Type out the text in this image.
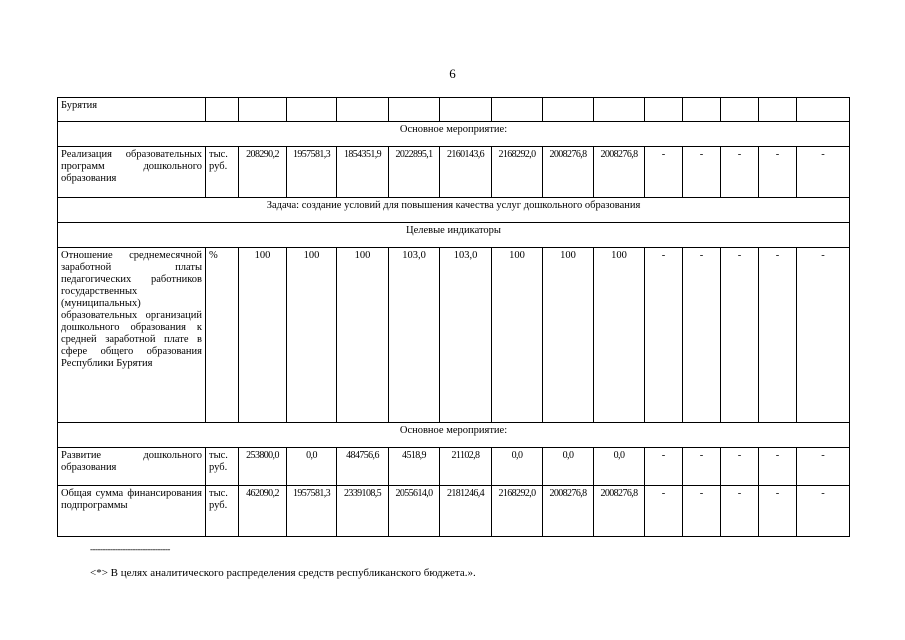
6
Бурятия														
Основное мероприятие:														
Реализация образовательных программ дошкольного образования	тыс. руб.	208290,2	1957581,3	1854351,9	2022895,1	2160143,6	2168292,0	2008276,8	2008276,8	-	-	-	-	-
Задача: создание условий для повышения качества услуг дошкольного образования														
Целевые индикаторы														
Отношение среднемесячной заработной платы педагогических работников государственных (муниципальных) образовательных организаций дошкольного образования к средней заработной плате в сфере общего образования Республики Бурятия	%	100	100	100	103,0	103,0	100	100	100	-	-	-	-	-
Основное мероприятие:														
Развитие дошкольного образования	тыс. руб.	253800,0	0,0	484756,6	4518,9	21102,8	0,0	0,0	0,0	-	-	-	-	-
Общая сумма финансирования подпрограммы	тыс. руб.	462090,2	1957581,3	2339108,5	2055614,0	2181246,4	2168292,0	2008276,8	2008276,8	-	-	-	-	-
--------------------------------
<*> В целях аналитического распределения средств республиканского бюджета.».
